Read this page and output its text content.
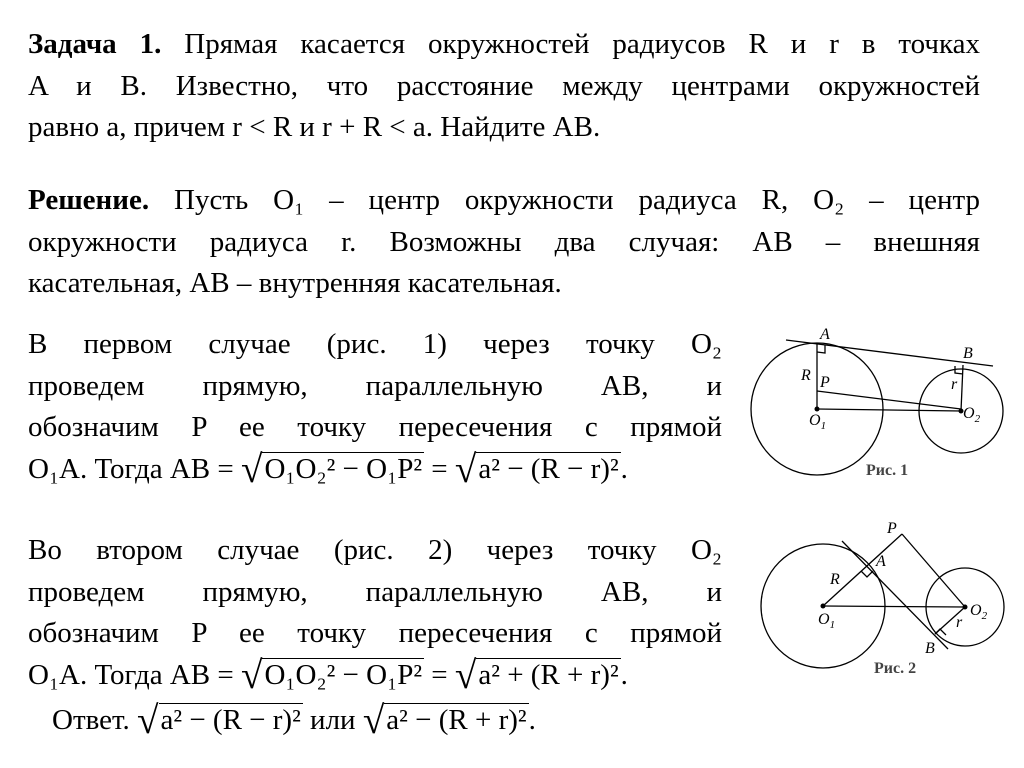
Задача 1. Прямая касается окружностей радиусов R и r в точках
A и B. Известно, что расстояние между центрами окружностей
равно a, причем r < R и r + R < a. Найдите AB.
Решение. Пусть O₁ – центр окружности радиуса R, O₂ – центр
окружности радиуса r. Возможны два случая: AB – внешняя
касательная, AB – внутренняя касательная.
В первом случае (рис. 1) через точку O₂
проведем прямую, параллельную AB, и
обозначим P ее точку пересечения с прямой
O₁A. Тогда AB = √O₁O₂² − O₁P² = √a² − (R − r)².
Во втором случае (рис. 2) через точку O₂
проведем прямую, параллельную AB, и
обозначим P ее точку пересечения с прямой
O₁A. Тогда AB = √O₁O₂² − O₁P² = √a² + (R + r)².
Ответ. √a² − (R − r)² или √a² − (R + r)².
A
B
R P	r
$O_1$
$O_2$
Рис. 1
P
A
R
B
r
$O_1$
$O_2$
Рис. 2
